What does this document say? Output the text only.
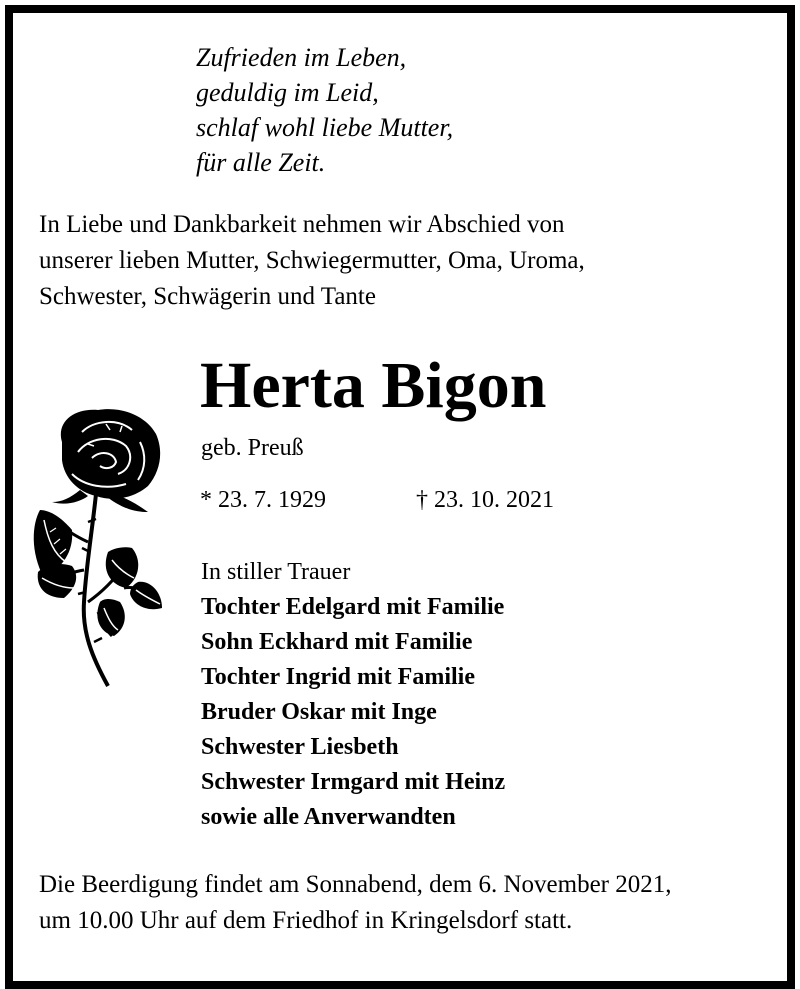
Zufrieden im Leben,
geduldig im Leid,
schlaf wohl liebe Mutter,
für alle Zeit.
In Liebe und Dankbarkeit nehmen wir Abschied von
unserer lieben Mutter, Schwiegermutter, Oma, Uroma,
Schwester, Schwägerin und Tante
Herta Bigon
geb. Preuß
* 23. 7. 1929	† 23. 10. 2021
In stiller Trauer
Tochter Edelgard mit Familie
Sohn Eckhard mit Familie
Tochter Ingrid mit Familie
Bruder Oskar mit Inge
Schwester Liesbeth
Schwester Irmgard mit Heinz
sowie alle Anverwandten
Die Beerdigung findet am Sonnabend, dem 6. November 2021,
um 10.00 Uhr auf dem Friedhof in Kringelsdorf statt.
